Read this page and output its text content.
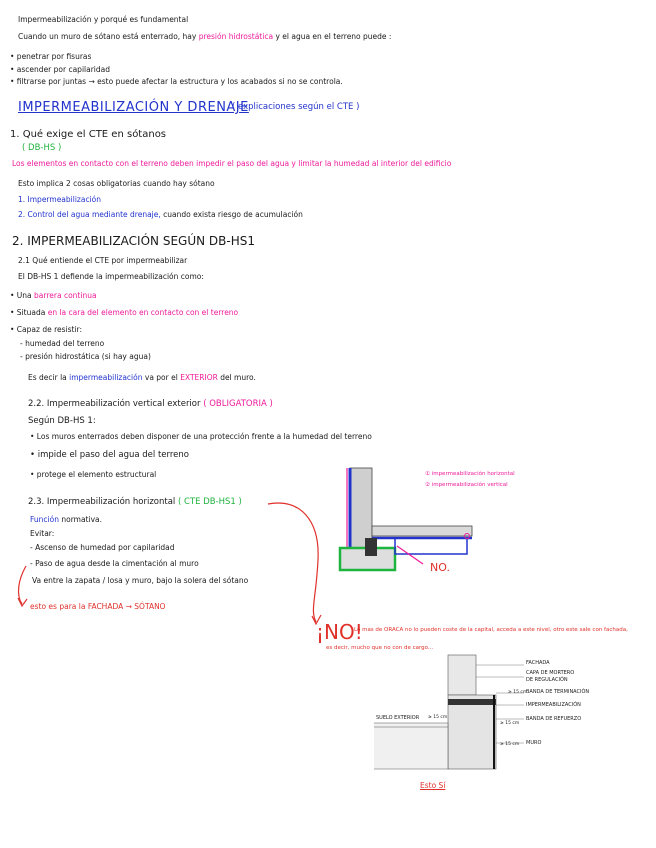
Impermeabilización y porqué es fundamental
Cuando un muro de sótano está enterrado, hay presión hidrostática y el agua en el terreno puede :
• penetrar por fisuras
• ascender por capilaridad
• filtrarse por juntas → esto puede afectar la estructura y los acabados si no se controla.
IMPERMEABILIZACIÓN Y DRENAJE
( explicaciones según el CTE )
1. Qué exige el CTE en sótanos
( DB-HS )
Los elementos en contacto con el terreno deben impedir el paso del agua y limitar la humedad al interior del edificio
Esto implica 2 cosas obligatorias cuando hay sótano
1. Impermeabilización
2. Control del agua mediante drenaje, cuando exista riesgo de acumulación
2. IMPERMEABILIZACIÓN SEGÚN DB-HS1
2.1 Qué entiende el CTE por impermeabilizar
El DB-HS 1 defiende la impermeabilización como:
• Una barrera continua
• Situada en la cara del elemento en contacto con el terreno
• Capaz de resistir:
- humedad del terreno
- presión hidrostática (si hay agua)
Es decir la impermeabilización va por el EXTERIOR del muro.
2.2. Impermeabilización vertical exterior ( OBLIGATORIA )
Según DB-HS 1:
• Los muros enterrados deben disponer de una protección frente a la humedad del terreno
• impide el paso del agua del terreno
• protege el elemento estructural
2.3. Impermeabilización horizontal ( CTE DB-HS1 )
Función normativa.
Evitar:
- Ascenso de humedad por capilaridad
- Paso de agua desde la cimentación al muro
Va entre la zapata / losa y muro, bajo la solera del sótano
esto es para la FACHADA → SÓTANO
① impermeabilización horizontal
② impermeabilización vertical
NO.
¡NO!
Lo mas de ORACA no lo pueden coste de la capital, acceda a este nivel, otro este sale con fachada,
es decir, mucho que no con de cargo...
FACHADA
CAPA DE MORTERO
DE REGULACIÓN
BANDA DE TERMINACIÓN
IMPERMEABILIZACIÓN
BANDA DE REFUERZO
MURO
SUELO EXTERIOR
≥ 15 cm
≥ 15 cm
≥ 15 cm
≥ 15 cm
Esto Sí
